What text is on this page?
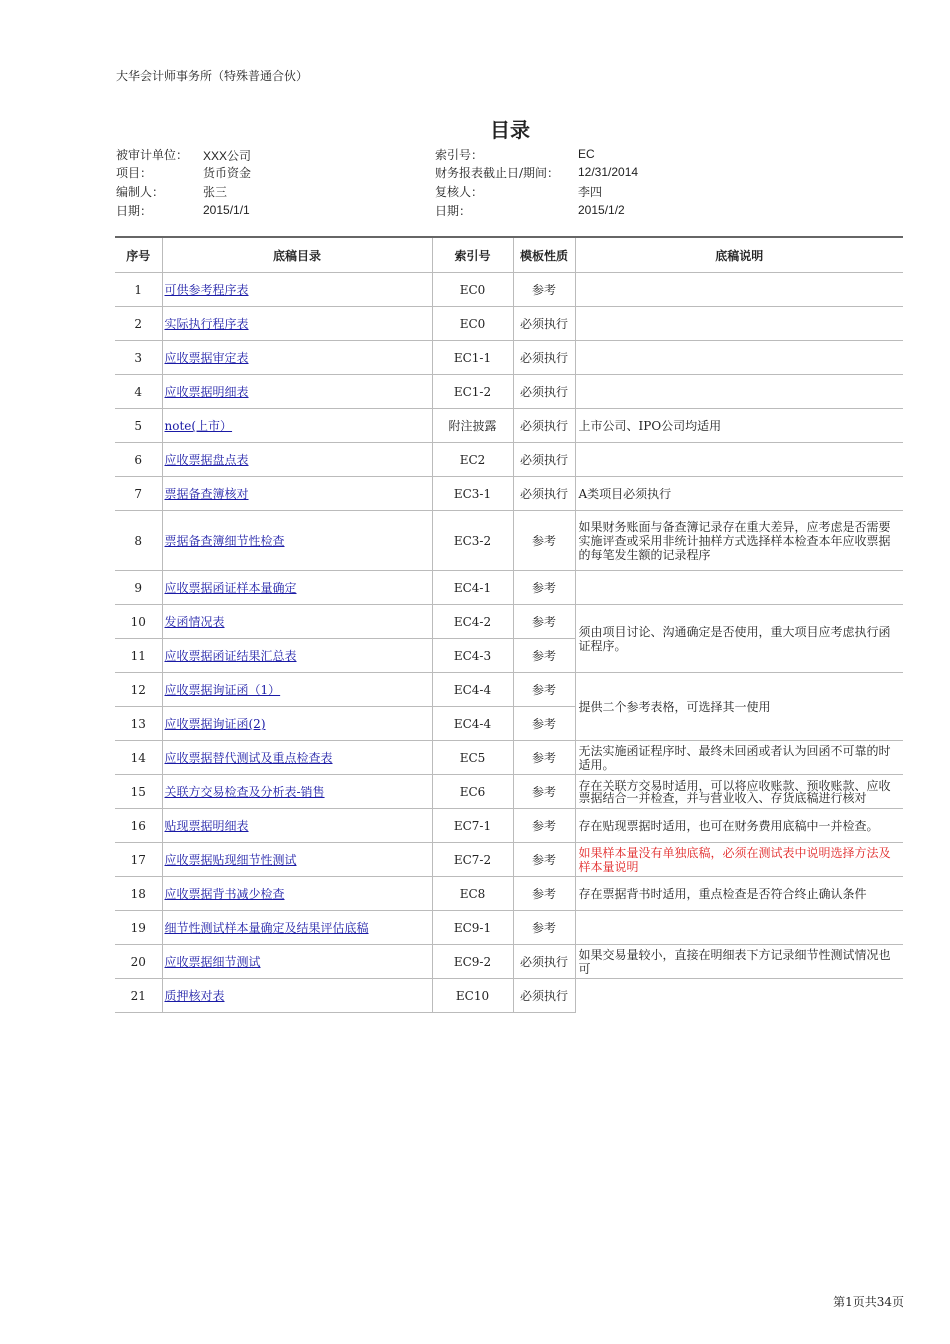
大华会计师事务所（特殊普通合伙）
目录
被审计单位： XXX公司
项目：	货币资金
编制人：	张三
日期：	2015/1/1
索引号：	EC
财务报表截止日/期间： 12/31/2014
复核人：	李四
日期：	2015/1/2
序号	底稿目录	索引号	模板性质	底稿说明
1	可供参考程序表	EC0	参考	
2	实际执行程序表	EC0	必须执行	
3	应收票据审定表	EC1-1	必须执行	
4	应收票据明细表	EC1-2	必须执行	
5	note(上市）	附注披露	必须执行	上市公司、IPO公司均适用
6	应收票据盘点表	EC2	必须执行	
7	票据备查簿核对	EC3-1	必须执行	A类项目必须执行
8	票据备查簿细节性检查	EC3-2	参考	如果财务账面与备查簿记录存在重大差异，应考虑是否需要实施评查或采用非统计抽样方式选择样本检查本年应收票据的每笔发生额的记录程序
9	应收票据函证样本量确定	EC4-1	参考	
10	发函情况表	EC4-2	参考	须由项目讨论、沟通确定是否使用，重大项目应考虑执行函证程序。
11	应收票据函证结果汇总表	EC4-3	参考	
12	应收票据询证函（1）	EC4-4	参考	提供二个参考表格，可选择其一使用
13	应收票据询证函(2)	EC4-4	参考	
14	应收票据替代测试及重点检查表	EC5	参考	无法实施函证程序时、最终未回函或者认为回函不可靠的时适用。
15	关联方交易检查及分析表-销售	EC6	参考	存在关联方交易时适用，可以将应收账款、预收账款、应收票据结合一并检查，并与营业收入、存货底稿进行核对
16	贴现票据明细表	EC7-1	参考	存在贴现票据时适用，也可在财务费用底稿中一并检查。
17	应收票据贴现细节性测试	EC7-2	参考	如果样本量没有单独底稿，必须在测试表中说明选择方法及样本量说明
18	应收票据背书减少检查	EC8	参考	存在票据背书时适用，重点检查是否符合终止确认条件
19	细节性测试样本量确定及结果评估底稿	EC9-1	参考	
20	应收票据细节测试	EC9-2	必须执行	如果交易量较小，直接在明细表下方记录细节性测试情况也可
21	质押核对表	EC10	必须执行	
第1页共34页
